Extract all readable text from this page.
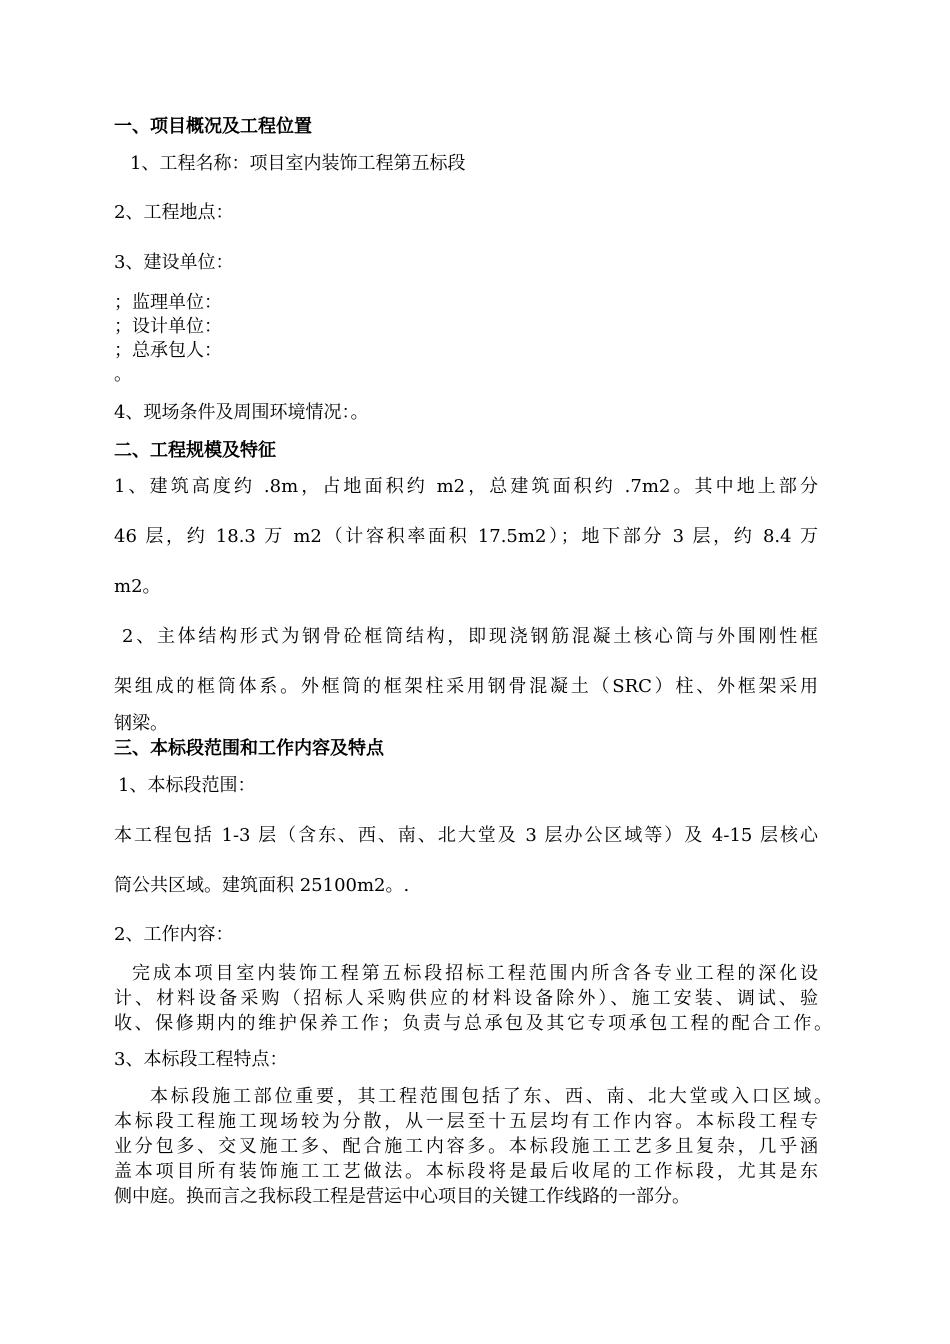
一、项目概况及工程位置

1、工程名称：项目室内装饰工程第五标段

2、工程地点：

3、建设单位：

；监理单位：

；设计单位：

；总承包人：

。

4、现场条件及周围环境情况：。

二、工程规模及特征

1、建筑高度约 .8m，占地面积约 m2，总建筑面积约 .7m2。其中地上部分

46 层，约 18.3 万 m2（计容积率面积 17.5m2）；地下部分 3 层，约 8.4 万

m2。

2、主体结构形式为钢骨砼框筒结构，即现浇钢筋混凝土核心筒与外围刚性框

架组成的框筒体系。外框筒的框架柱采用钢骨混凝土（SRC）柱、外框架采用

钢梁。

三、本标段范围和工作内容及特点

1、本标段范围：

本工程包括 1-3 层（含东、西、南、北大堂及 3 层办公区域等）及 4-15 层核心

筒公共区域。建筑面积 25100m2。.

2、工作内容：

完成本项目室内装饰工程第五标段招标工程范围内所含各专业工程的深化设

计、材料设备采购（招标人采购供应的材料设备除外）、施工安装、调试、验

收、保修期内的维护保养工作；负责与总承包及其它专项承包工程的配合工作。

3、本标段工程特点：

本标段施工部位重要，其工程范围包括了东、西、南、北大堂或入口区域。

本标段工程施工现场较为分散，从一层至十五层均有工作内容。本标段工程专

业分包多、交叉施工多、配合施工内容多。本标段施工工艺多且复杂，几乎涵

盖本项目所有装饰施工工艺做法。本标段将是最后收尾的工作标段，尤其是东

侧中庭。换而言之我标段工程是营运中心项目的关键工作线路的一部分。
